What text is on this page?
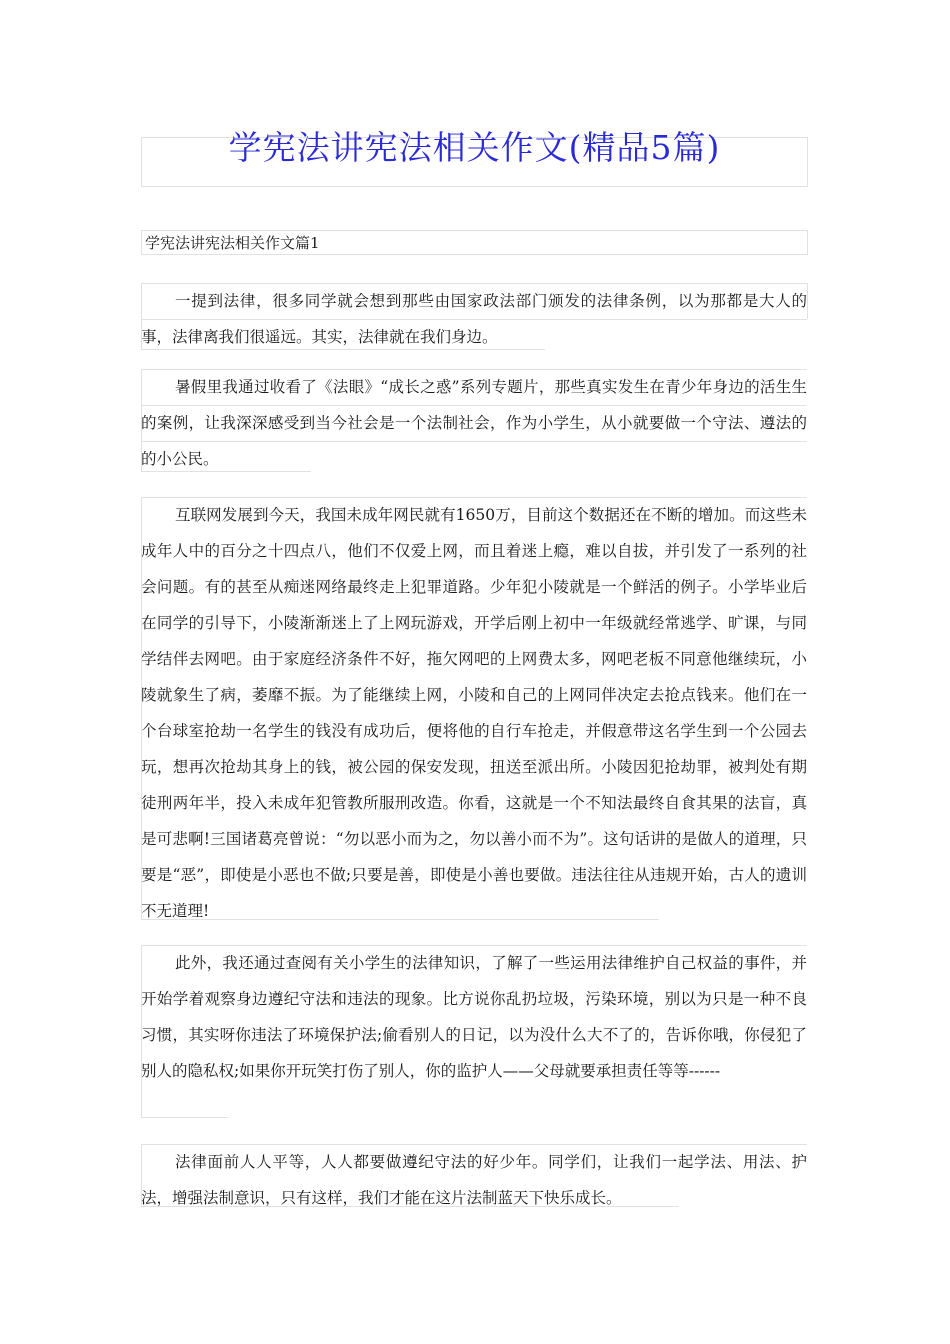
学宪法讲宪法相关作文(精品5篇)
学宪法讲宪法相关作文篇1

一提到法律，很多同学就会想到那些由国家政法部门颁发的法律条例，以为那都是大人的事，法律离我们很遥远。其实，法律就在我们身边。

暑假里我通过收看了《法眼》“成长之惑”系列专题片，那些真实发生在青少年身边的活生生的案例，让我深深感受到当今社会是一个法制社会，作为小学生，从小就要做一个守法、遵法的的小公民。

互联网发展到今天，我国未成年网民就有1650万，目前这个数据还在不断的增加。而这些未成年人中的百分之十四点八，他们不仅爱上网，而且着迷上瘾，难以自拔，并引发了一系列的社会问题。有的甚至从痴迷网络最终走上犯罪道路。少年犯小陵就是一个鲜活的例子。小学毕业后在同学的引导下，小陵渐渐迷上了上网玩游戏，开学后刚上初中一年级就经常逃学、旷课，与同学结伴去网吧。由于家庭经济条件不好，拖欠网吧的上网费太多，网吧老板不同意他继续玩，小陵就象生了病，萎靡不振。为了能继续上网，小陵和自己的上网同伴决定去抢点钱来。他们在一个台球室抢劫一名学生的钱没有成功后，便将他的自行车抢走，并假意带这名学生到一个公园去玩，想再次抢劫其身上的钱，被公园的保安发现，扭送至派出所。小陵因犯抢劫罪，被判处有期徒刑两年半，投入未成年犯管教所服刑改造。你看，这就是一个不知法最终自食其果的法盲，真是可悲啊!三国诸葛亮曾说：“勿以恶小而为之，勿以善小而不为”。这句话讲的是做人的道理，只要是“恶”，即使是小恶也不做;只要是善，即使是小善也要做。违法往往从违规开始，古人的遗训不无道理!

此外，我还通过查阅有关小学生的法律知识，了解了一些运用法律维护自己权益的事件，并开始学着观察身边遵纪守法和违法的现象。比方说你乱扔垃圾，污染环境，别以为只是一种不良习惯，其实呀你违法了环境保护法;偷看别人的日记，以为没什么大不了的，告诉你哦，你侵犯了别人的隐私权;如果你开玩笑打伤了别人，你的监护人——父母就要承担责任等等------

法律面前人人平等，人人都要做遵纪守法的好少年。同学们，让我们一起学法、用法、护法，增强法制意识，只有这样，我们才能在这片法制蓝天下快乐成长。
